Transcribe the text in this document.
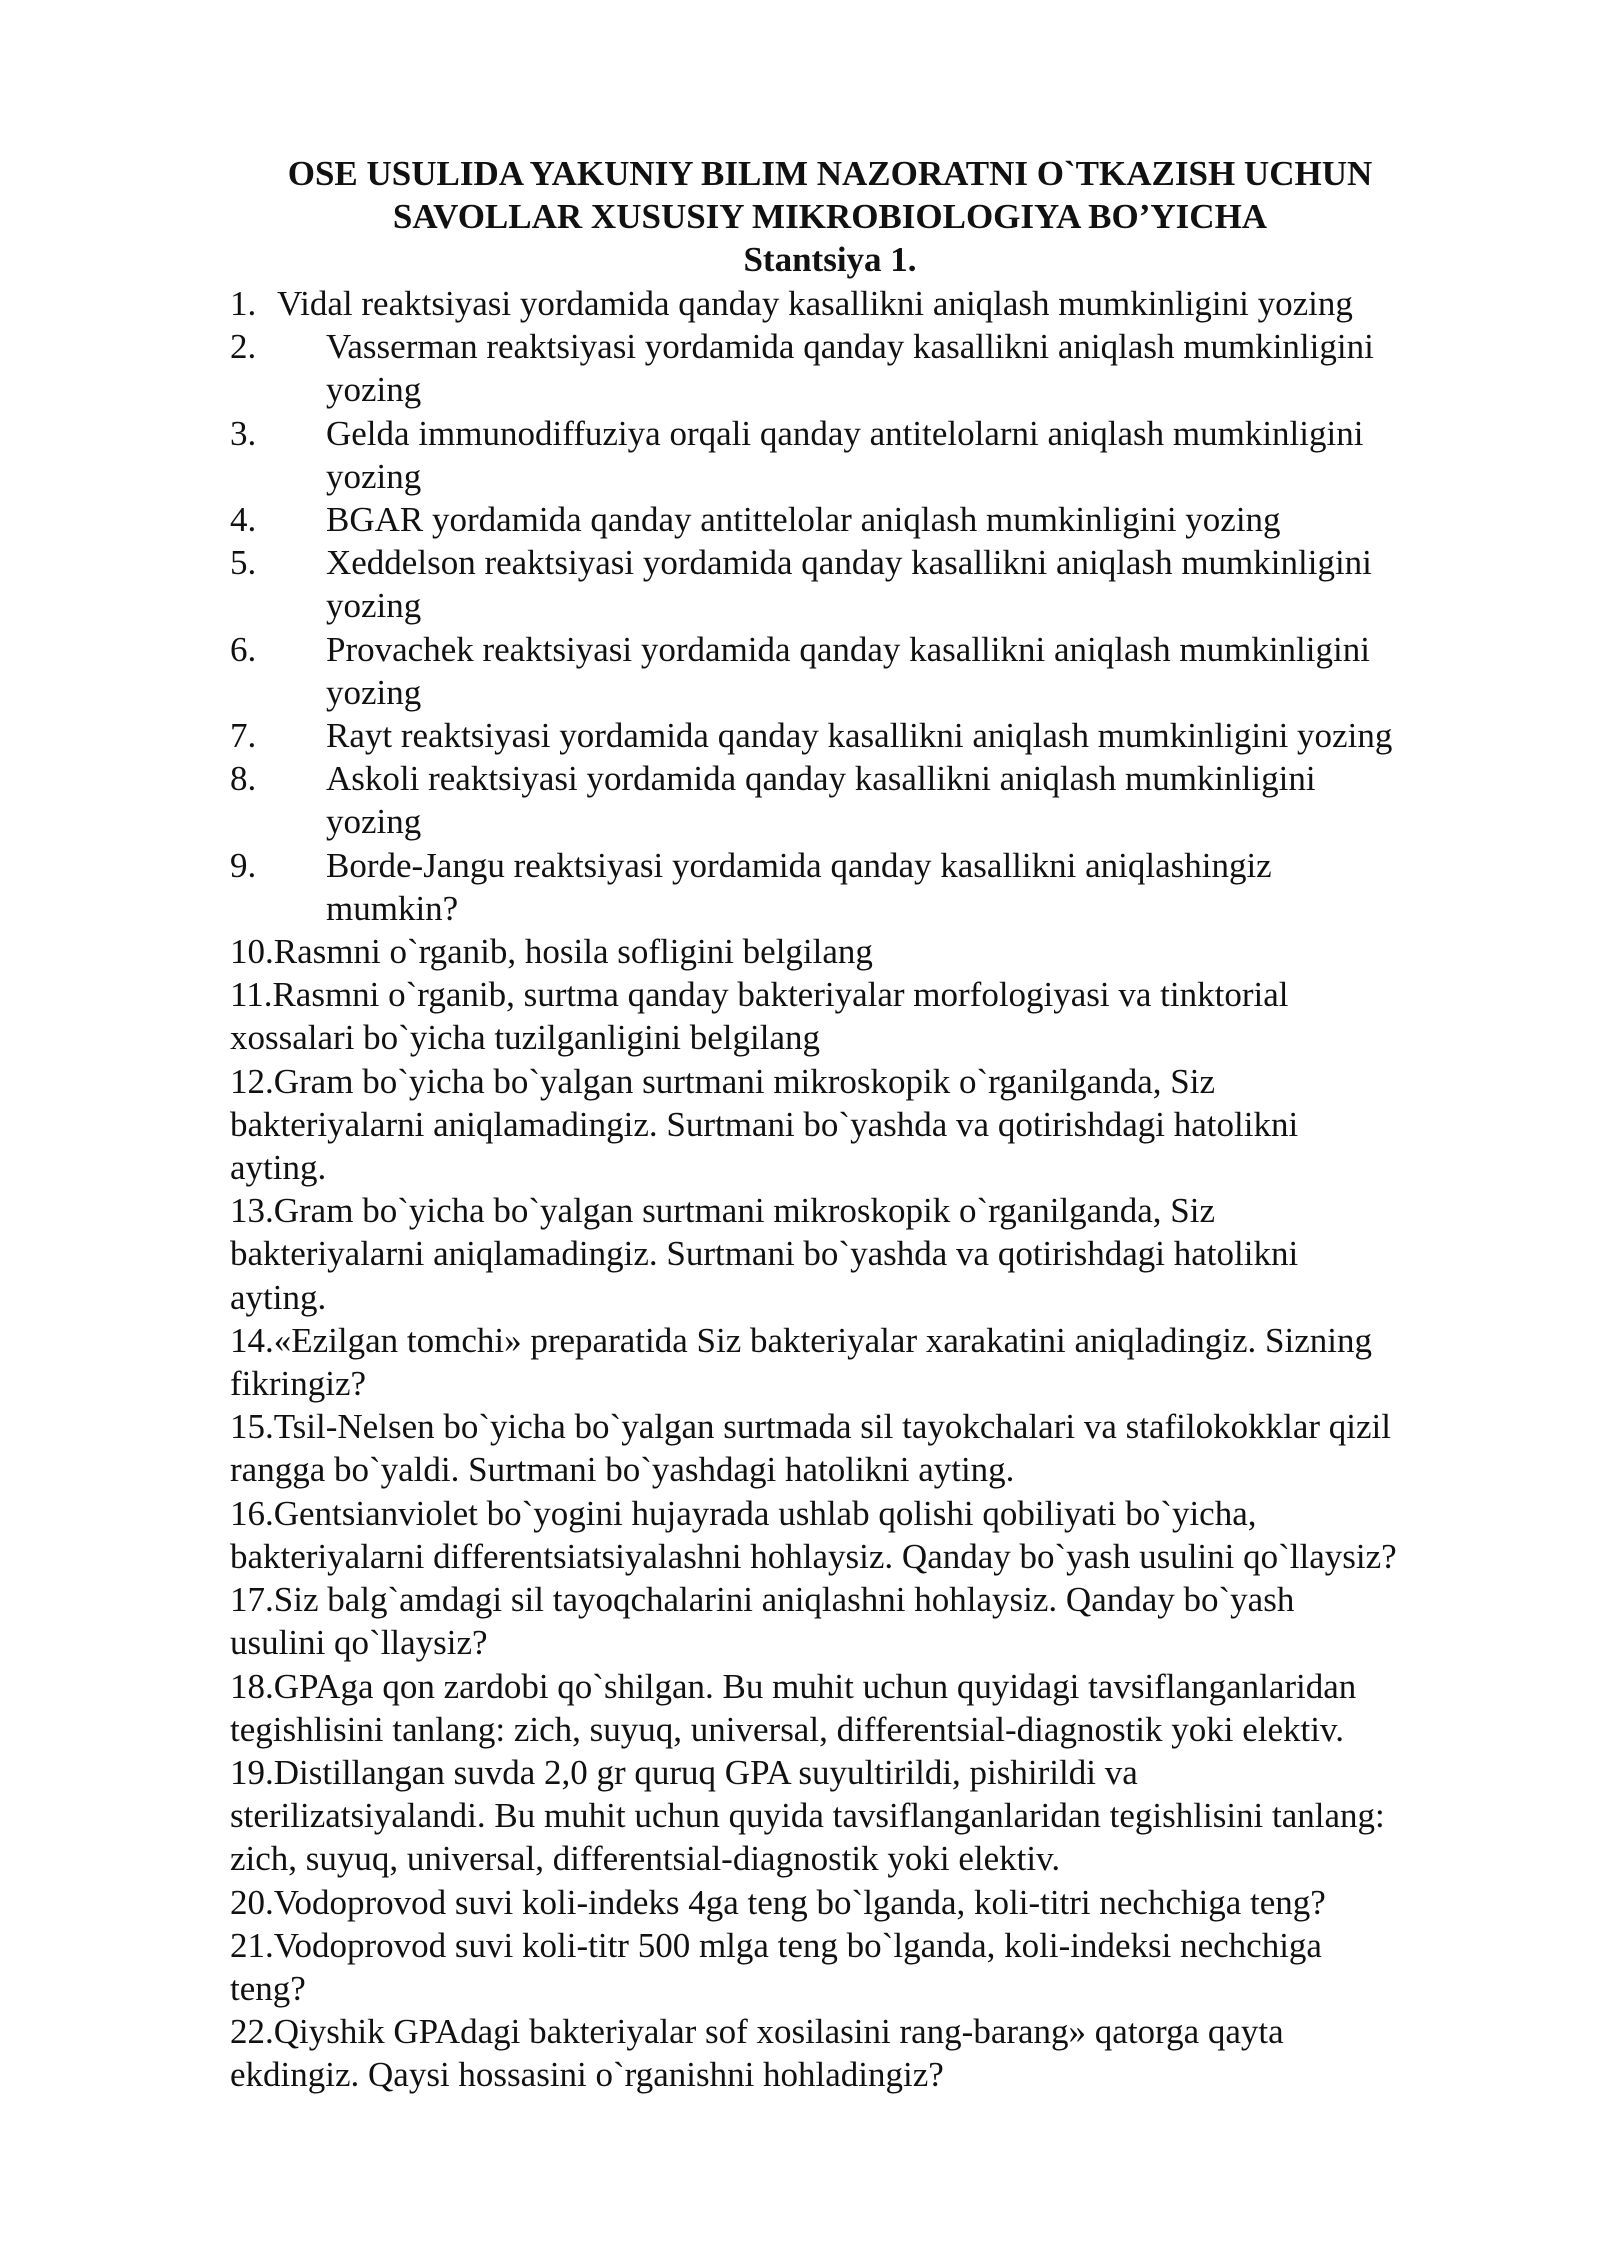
OSE USULIDA YAKUNIY BILIM NAZORATNI O`TKAZISH UCHUN
SAVOLLAR XUSUSIY MIKROBIOLOGIYA BO’YICHA
Stantsiya 1.
1. Vidal reaktsiyasi yordamida qanday kasallikni aniqlash mumkinligini yozing
2.	Vasserman reaktsiyasi yordamida qanday kasallikni aniqlash mumkinligini
yozing
3.	Gelda immunodiffuziya orqali qanday antitelolarni aniqlash mumkinligini
yozing
4.	BGAR yordamida qanday antittelolar aniqlash mumkinligini yozing
5.	Xeddelson reaktsiyasi yordamida qanday kasallikni aniqlash mumkinligini
yozing
6.	Provachek reaktsiyasi yordamida qanday kasallikni aniqlash mumkinligini
yozing
7.	Rayt reaktsiyasi yordamida qanday kasallikni aniqlash mumkinligini yozing
8.	Askoli reaktsiyasi yordamida qanday kasallikni aniqlash mumkinligini
yozing
9.	Borde-Jangu reaktsiyasi yordamida qanday kasallikni aniqlashingiz
mumkin?
10.Rasmni o`rganib, hosila sofligini belgilang
11.Rasmni o`rganib, surtma qanday bakteriyalar morfologiyasi va tinktorial
xossalari bo`yicha tuzilganligini belgilang
12.Gram bo`yicha bo`yalgan surtmani mikroskopik o`rganilganda, Siz
bakteriyalarni aniqlamadingiz. Surtmani bo`yashda va qotirishdagi hatolikni
ayting.
13.Gram bo`yicha bo`yalgan surtmani mikroskopik o`rganilganda, Siz
bakteriyalarni aniqlamadingiz. Surtmani bo`yashda va qotirishdagi hatolikni
ayting.
14.«Ezilgan tomchi» preparatida Siz bakteriyalar xarakatini aniqladingiz. Sizning
fikringiz?
15.Tsil-Nelsen bo`yicha bo`yalgan surtmada sil tayokchalari va stafilokokklar qizil
rangga bo`yaldi. Surtmani bo`yashdagi hatolikni ayting.
16.Gentsianviolet bo`yogini hujayrada ushlab qolishi qobiliyati bo`yicha,
bakteriyalarni differentsiatsiyalashni hohlaysiz. Qanday bo`yash usulini qo`llaysiz?
17.Siz balg`amdagi sil tayoqchalarini aniqlashni hohlaysiz. Qanday bo`yash
usulini qo`llaysiz?
18.GPAga qon zardobi qo`shilgan. Bu muhit uchun quyidagi tavsiflanganlaridan
tegishlisini tanlang: zich, suyuq, universal, differentsial-diagnostik yoki elektiv.
19.Distillangan suvda 2,0 gr quruq GPA suyultirildi, pishirildi va
sterilizatsiyalandi. Bu muhit uchun quyida tavsiflanganlaridan tegishlisini tanlang:
zich, suyuq, universal, differentsial-diagnostik yoki elektiv.
20.Vodoprovod suvi koli-indeks 4ga teng bo`lganda, koli-titri nechchiga teng?
21.Vodoprovod suvi koli-titr 500 mlga teng bo`lganda, koli-indeksi nechchiga
teng?
22.Qiyshik GPAdagi bakteriyalar sof xosilasini rang-barang» qatorga qayta
ekdingiz. Qaysi hossasini o`rganishni hohladingiz?
